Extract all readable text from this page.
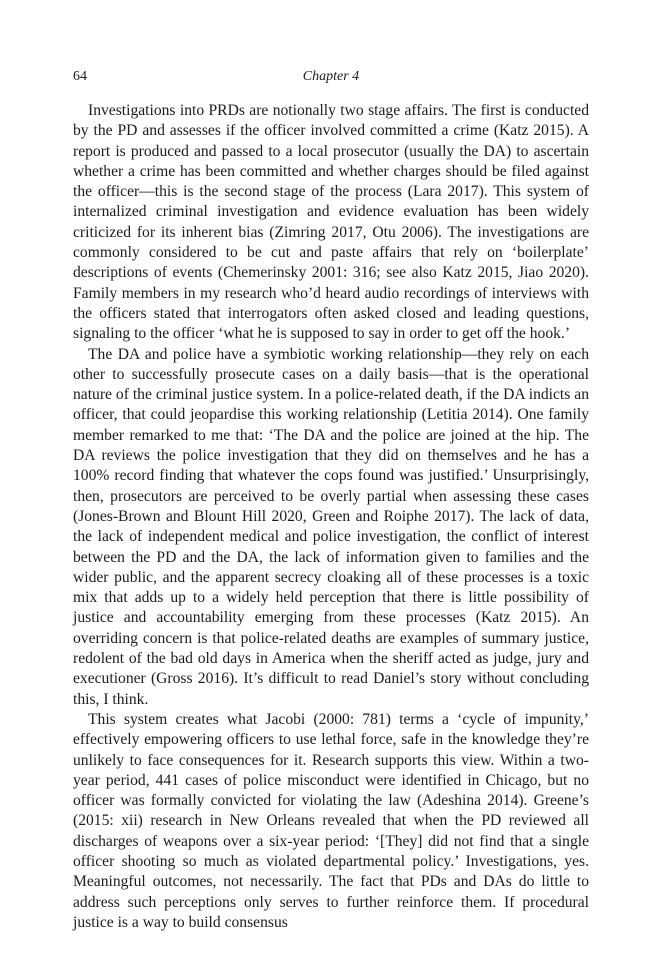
64	Chapter 4

Investigations into PRDs are notionally two stage affairs. The first is conducted by the PD and assesses if the officer involved committed a crime (Katz 2015). A report is produced and passed to a local prosecutor (usually the DA) to ascertain whether a crime has been committed and whether charges should be filed against the officer—this is the second stage of the process (Lara 2017). This system of internalized criminal investigation and evidence evaluation has been widely criticized for its inherent bias (Zimring 2017, Otu 2006). The investigations are commonly considered to be cut and paste affairs that rely on ‘boilerplate’ descriptions of events (Chemerinsky 2001: 316; see also Katz 2015, Jiao 2020). Family members in my research who’d heard audio recordings of interviews with the officers stated that interrogators often asked closed and leading questions, signaling to the officer ‘what he is supposed to say in order to get off the hook.’

The DA and police have a symbiotic working relationship—they rely on each other to successfully prosecute cases on a daily basis—that is the operational nature of the criminal justice system. In a police-related death, if the DA indicts an officer, that could jeopardise this working relationship (Letitia 2014). One family member remarked to me that: ‘The DA and the police are joined at the hip. The DA reviews the police investigation that they did on themselves and he has a 100% record finding that whatever the cops found was justified.’ Unsurprisingly, then, prosecutors are perceived to be overly partial when assessing these cases (Jones-Brown and Blount Hill 2020, Green and Roiphe 2017). The lack of data, the lack of independent medical and police investigation, the conflict of interest between the PD and the DA, the lack of information given to families and the wider public, and the apparent secrecy cloaking all of these processes is a toxic mix that adds up to a widely held perception that there is little possibility of justice and accountability emerging from these processes (Katz 2015). An overriding concern is that police-related deaths are examples of summary justice, redolent of the bad old days in America when the sheriff acted as judge, jury and executioner (Gross 2016). It’s difficult to read Daniel’s story without concluding this, I think.

This system creates what Jacobi (2000: 781) terms a ‘cycle of impunity,’ effectively empowering officers to use lethal force, safe in the knowledge they’re unlikely to face consequences for it. Research supports this view. Within a two-year period, 441 cases of police misconduct were identified in Chicago, but no officer was formally convicted for violating the law (Adeshina 2014). Greene’s (2015: xii) research in New Orleans revealed that when the PD reviewed all discharges of weapons over a six-year period: ‘[They] did not find that a single officer shooting so much as violated departmental policy.’ Investigations, yes. Meaningful outcomes, not necessarily. The fact that PDs and DAs do little to address such perceptions only serves to further reinforce them. If procedural justice is a way to build consensus
